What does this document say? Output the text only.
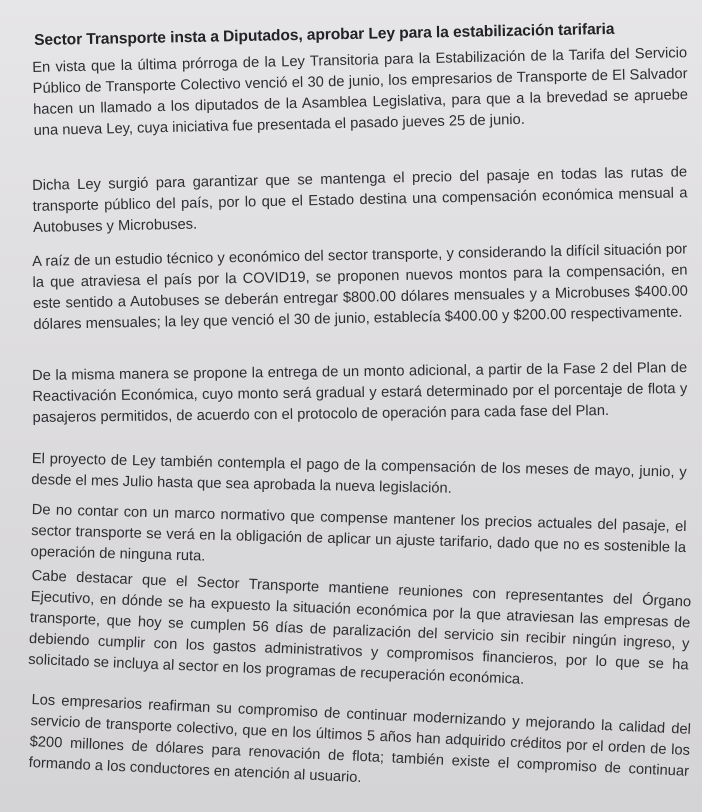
Sector Transporte insta a Diputados, aprobar Ley para la estabilización tarifaria
En vista que la última prórroga de la Ley Transitoria para la Estabilización de la Tarifa del Servicio Público de Transporte Colectivo venció el 30 de junio, los empresarios de Transporte de El Salvador hacen un llamado a los diputados de la Asamblea Legislativa, para que a la brevedad se apruebe una nueva Ley, cuya iniciativa fue presentada el pasado jueves 25 de junio.
Dicha Ley surgió para garantizar que se mantenga el precio del pasaje en todas las rutas de transporte público del país, por lo que el Estado destina una compensación económica mensual a Autobuses y Microbuses.
A raíz de un estudio técnico y económico del sector transporte, y considerando la difícil situación por la que atraviesa el país por la COVID19, se proponen nuevos montos para la compensación, en este sentido a Autobuses se deberán entregar $800.00 dólares mensuales y a Microbuses $400.00 dólares mensuales; la ley que venció el 30 de junio, establecía $400.00 y $200.00 respectivamente.
De la misma manera se propone la entrega de un monto adicional, a partir de la Fase 2 del Plan de Reactivación Económica, cuyo monto será gradual y estará determinado por el porcentaje de flota y pasajeros permitidos, de acuerdo con el protocolo de operación para cada fase del Plan.
El proyecto de Ley también contempla el pago de la compensación de los meses de mayo, junio, y desde el mes Julio hasta que sea aprobada la nueva legislación.
De no contar con un marco normativo que compense mantener los precios actuales del pasaje, el sector transporte se verá en la obligación de aplicar un ajuste tarifario, dado que no es sostenible la operación de ninguna ruta.
Cabe destacar que el Sector Transporte mantiene reuniones con representantes del Órgano Ejecutivo, en dónde se ha expuesto la situación económica por la que atraviesan las empresas de transporte, que hoy se cumplen 56 días de paralización del servicio sin recibir ningún ingreso, y debiendo cumplir con los gastos administrativos y compromisos financieros, por lo que se ha solicitado se incluya al sector en los programas de recuperación económica.
Los empresarios reafirman su compromiso de continuar modernizando y mejorando la calidad del servicio de transporte colectivo, que en los últimos 5 años han adquirido créditos por el orden de los $200 millones de dólares para renovación de flota; también existe el compromiso de continuar formando a los conductores en atención al usuario.
